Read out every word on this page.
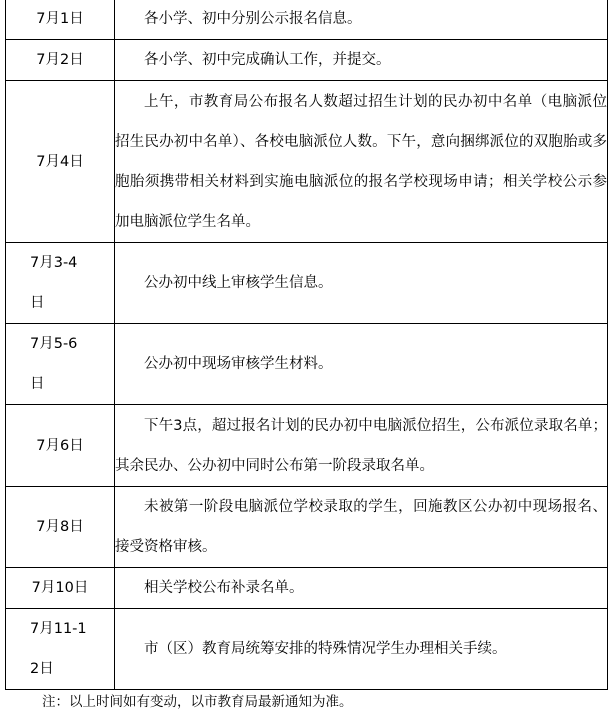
7月1日	各小学、初中分别公示报名信息。

7月2日	各小学、初中完成确认工作，并提交。

7月4日	上午，市教育局公布报名人数超过招生计划的民办初中名单（电脑派位招生民办初中名单）、各校电脑派位人数。下午，意向捆绑派位的双胞胎或多胞胎须携带相关材料到实施电脑派位的报名学校现场申请；相关学校公示参加电脑派位学生名单。

7月3-4日	公办初中线上审核学生信息。

7月5-6日	公办初中现场审核学生材料。

7月6日	下午3点，超过报名计划的民办初中电脑派位招生，公布派位录取名单；其余民办、公办初中同时公布第一阶段录取名单。

7月8日	未被第一阶段电脑派位学校录取的学生，回施教区公办初中现场报名、接受资格审核。

7月10日	相关学校公布补录名单。

7月11-12日	市（区）教育局统筹安排的特殊情况学生办理相关手续。

注：以上时间如有变动，以市教育局最新通知为准。
